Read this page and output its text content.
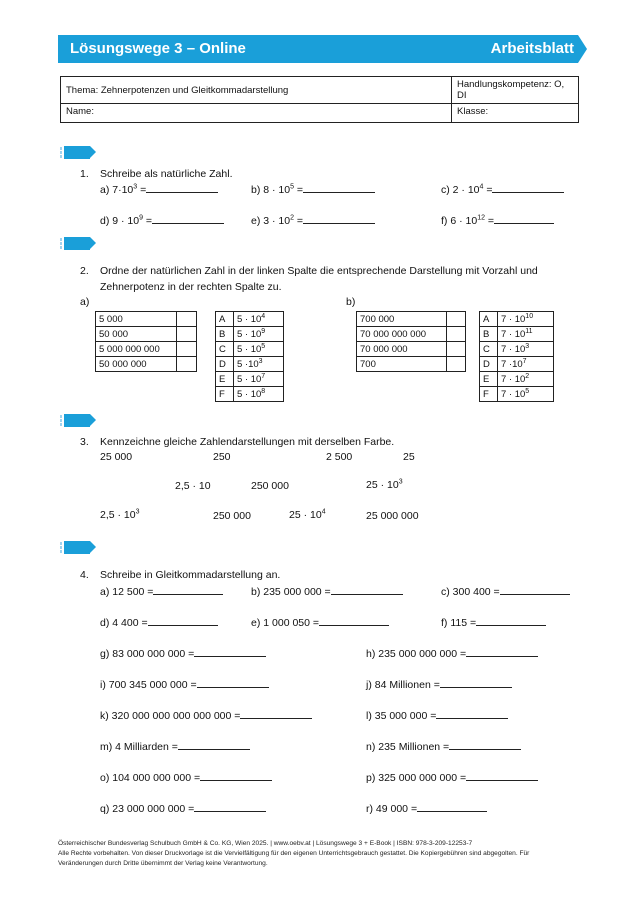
Lösungswege 3 – Online	Arbeitsblatt
Thema: Zehnerpotenzen und Gleitkommadarstellung	Handlungskompetenz: O, DI
Name:	Klasse:
1. Schreibe als natürliche Zahl.
a) $7\cdot 10^3$ =	b) $8 \cdot 10^5$ =	c) $2 \cdot 10^4$ =
d) $9 \cdot 10^9$ =	e) $3 \cdot 10^2$ =	f) $6 \cdot 10^{12}$ =
2. Ordne der natürlichen Zahl in der linken Spalte die entsprechende Darstellung mit Vorzahl und
Zehnerpotenz in der rechten Spalte zu.
a)	b)
5 000	
50 000	
5 000 000 000	
50 000 000	
A	$5 \cdot 10^4$
B	$5 \cdot 10^9$
C	$5 \cdot 10^5$
D	$5 \cdot 10^3$
E	$5 \cdot 10^7$
F	$5 \cdot 10^8$
700 000	
70 000 000 000	
70 000 000	
700	
A	$7 \cdot 10^{10}$
B	$7 \cdot 10^{11}$
C	$7 \cdot 10^3$
D	$7 \cdot 10^7$
E	$7 \cdot 10^2$
F	$7 \cdot 10^5$
3. Kennzeichne gleiche Zahlendarstellungen mit derselben Farbe.
25 000	250	2 500	25
2,5 · 10	250 000	$25 \cdot 10^3$
$2,5 \cdot 10^3$	250 000	$25 \cdot 10^4$	25 000 000
4. Schreibe in Gleitkommadarstellung an.
a) 12 500 =	b) 235 000 000 =	c) 300 400 =
d) 4 400 =	e) 1 000 050 =	f) 115 =
g) 83 000 000 000 =	h) 235 000 000 000 =
i) 700 345 000 000 =	j) 84 Millionen =
k) 320 000 000 000 000 000 =	l) 35 000 000 =
m) 4 Milliarden =	n) 235 Millionen =
o) 104 000 000 000 =	p) 325 000 000 000 =
q) 23 000 000 000 =	r) 49 000 =
Österreichischer Bundesverlag Schulbuch GmbH & Co. KG, Wien 2025. | www.oebv.at | Lösungswege 3 + E-Book | ISBN: 978-3-209-12253-7
Alle Rechte vorbehalten. Von dieser Druckvorlage ist die Vervielfältigung für den eigenen Unterrichtsgebrauch gestattet. Die Kopiergebühren sind abgegolten. Für
Veränderungen durch Dritte übernimmt der Verlag keine Verantwortung.
